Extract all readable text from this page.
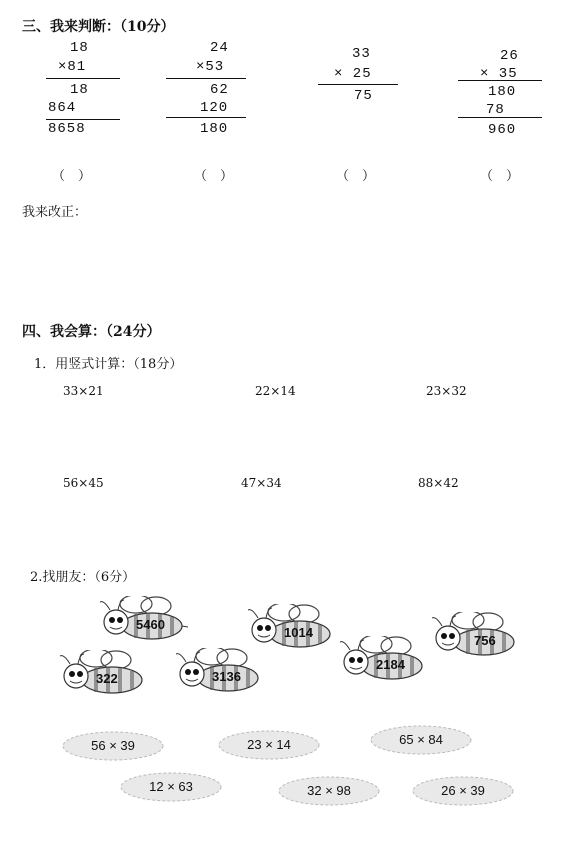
三、我来判断：（10分）
18
×81
18
864
8658
（　）
24
×53
62
120
180
（　）
33
× 25
75
（　）
26
× 35
180
78
960
（　）
我来改正：
四、我会算：（24分）
1．用竖式计算：（18分）
33×21	22×14	23×32
56×45	47×34	88×42
2.找朋友：（6分）
5460
1014
756
322	3136
2184
56 × 39	23 × 14	65 × 84
12 × 63	32 × 98	26 × 39
